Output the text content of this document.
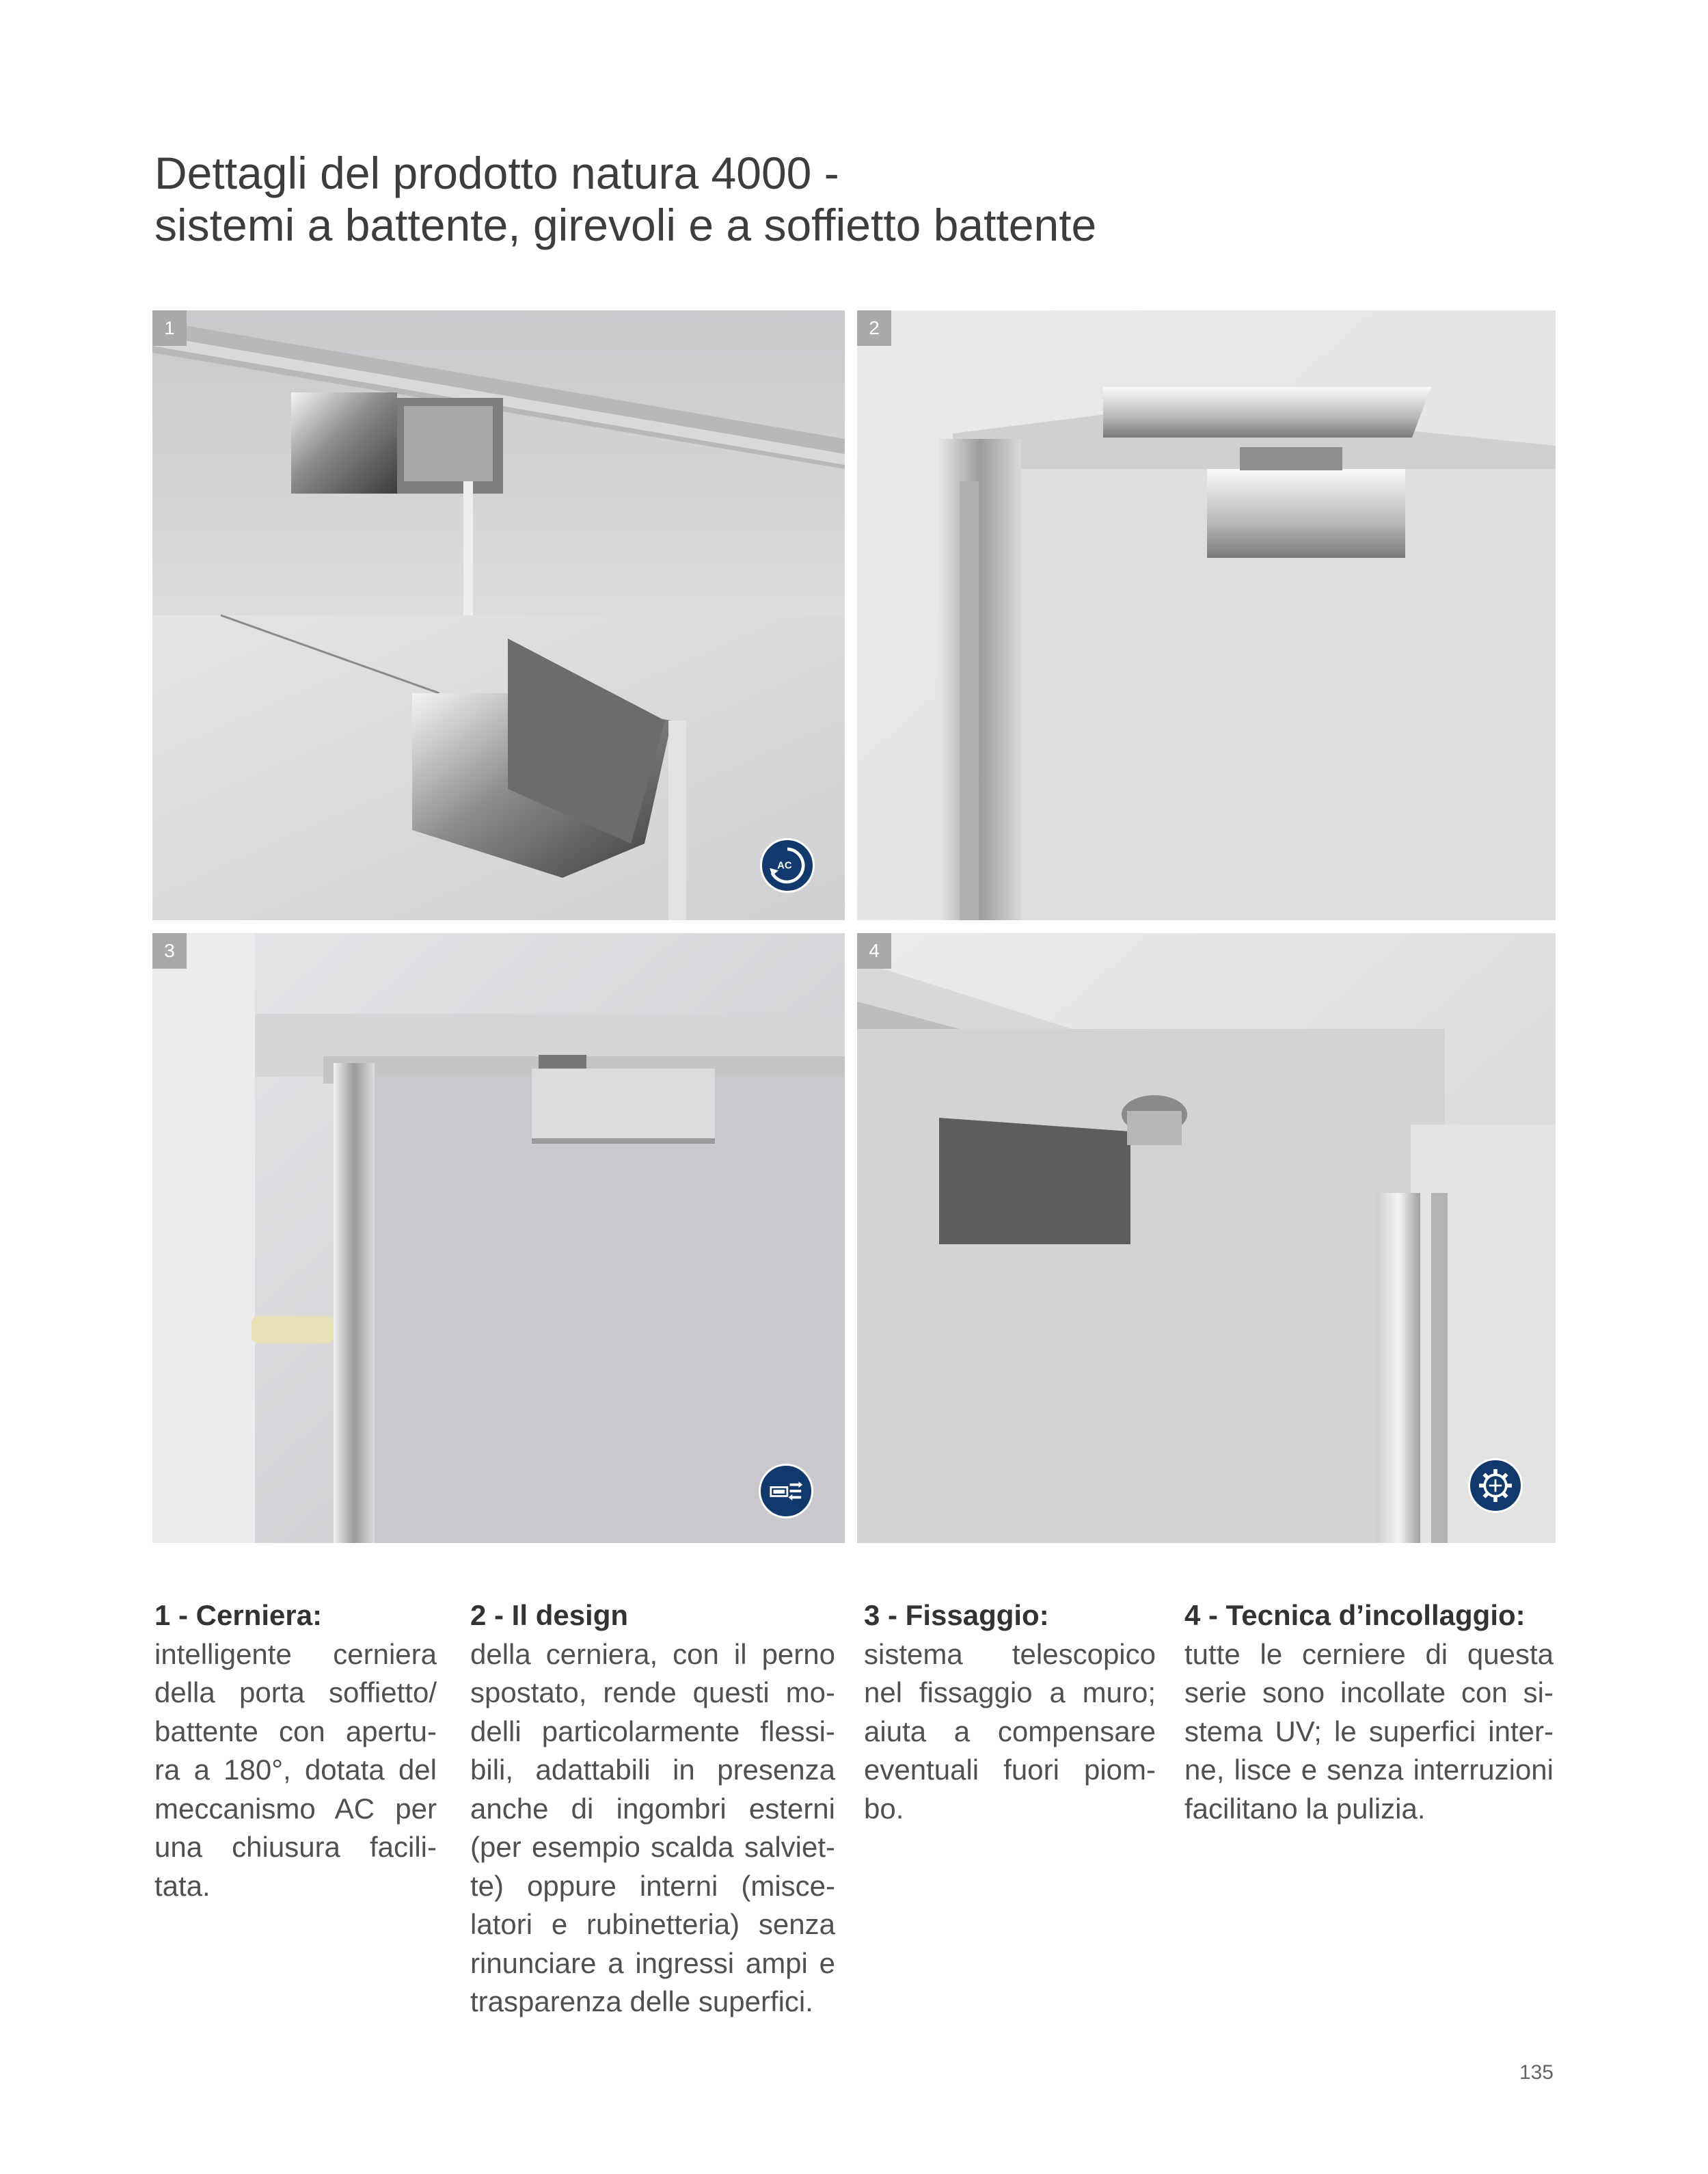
Dettagli del prodotto natura 4000 -
sistemi a battente, girevoli e a soffietto battente
1
AC
2
3	4
1 - Cerniera:
intelligente cerniera
della porta soffietto/
battente con apertu-
ra a 180°, dotata del
meccanismo AC per
una chiusura facili-
tata.
2 - Il design
della cerniera, con il perno
spostato, rende questi mo-
delli particolarmente flessi-
bili, adattabili in presenza
anche di ingombri esterni
(per esempio scalda salviet-
te) oppure interni (misce-
latori e rubinetteria) senza
rinunciare a ingressi ampi e
trasparenza delle superfici.
3 - Fissaggio:
sistema telescopico
nel fissaggio a muro;
aiuta a compensare
eventuali fuori piom-
bo.
4 - Tecnica d’incollaggio:
tutte le cerniere di questa
serie sono incollate con si-
stema UV; le superfici inter-
ne, lisce e senza interruzioni
facilitano la pulizia.
135
